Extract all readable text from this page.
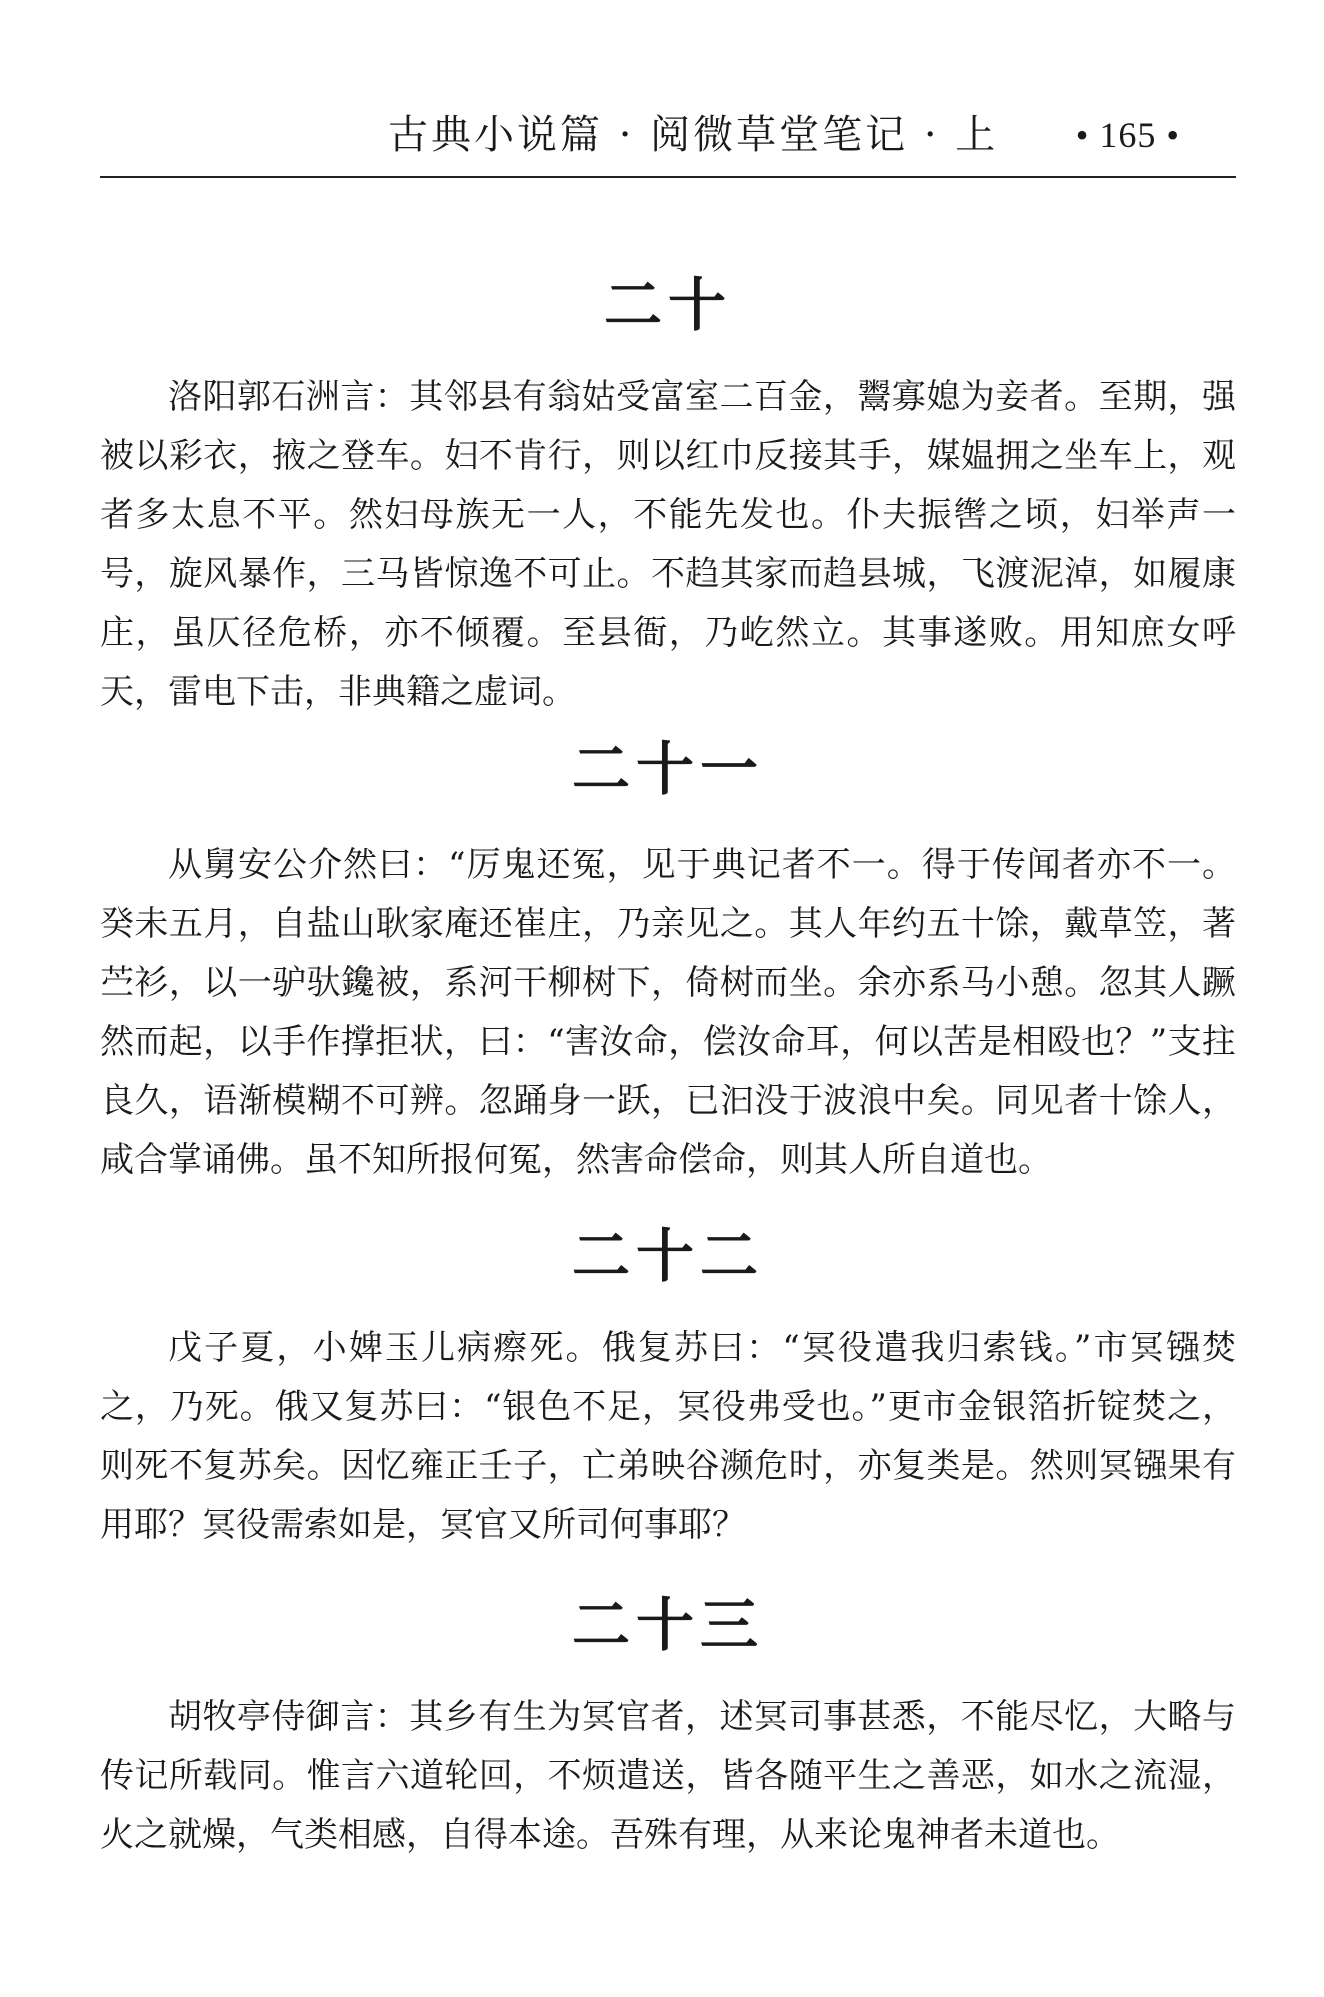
古典小说篇 · 阅微草堂笔记 · 上 • 165 •
二十

洛阳郭石洲言：其邻县有翁姑受富室二百金，鬻寡媳为妾者。至期，强被以彩衣，掖之登车。妇不肯行，则以红巾反接其手，媒媪拥之坐车上，观者多太息不平。然妇母族无一人，不能先发也。仆夫振辔之顷，妇举声一号，旋风暴作，三马皆惊逸不可止。不趋其家而趋县城，飞渡泥淖，如履康庄，虽仄径危桥，亦不倾覆。至县衙，乃屹然立。其事遂败。用知庶女呼 天，雷电下击，非典籍之虚词。

二十一

从舅安公介然曰：“厉鬼还冤，见于典记者不一。得于传闻者亦不一。癸未五月，自盐山耿家庵还崔庄，乃亲见之。其人年约五十馀，戴草笠，著苎衫，以一驴驮鑱被，系河干柳树下，倚树而坐。余亦系马小憩。忽其人蹶然而起，以手作撑拒状，曰：“害汝命，偿汝命耳，何以苦是相殴也？”支拄良久，语渐模糊不可辨。忽踊身一跃，已汩没于波浪中矣。同见者十馀人，咸合掌诵佛。虽不知所报何冤，然害命偿命，则其人所自道也。

二十二

戊子夏，小婢玉儿病瘵死。俄复苏曰：“冥役遣我归索钱。”市冥镪焚之，乃死。俄又复苏曰：“银色不足，冥役弗受也。”更市金银箔折锭焚之，则死不复苏矣。因忆雍正壬子，亡弟映谷濒危时，亦复类是。然则冥镪果有用耶？冥役需索如是，冥官又所司何事耶？

二十三

胡牧亭侍御言：其乡有生为冥官者，述冥司事甚悉，不能尽忆，大略与传记所载同。惟言六道轮回，不烦遣送，皆各随平生之善恶，如水之流湿，火之就燥，气类相感，自得本途。吾殊有理，从来论鬼神者未道也。
